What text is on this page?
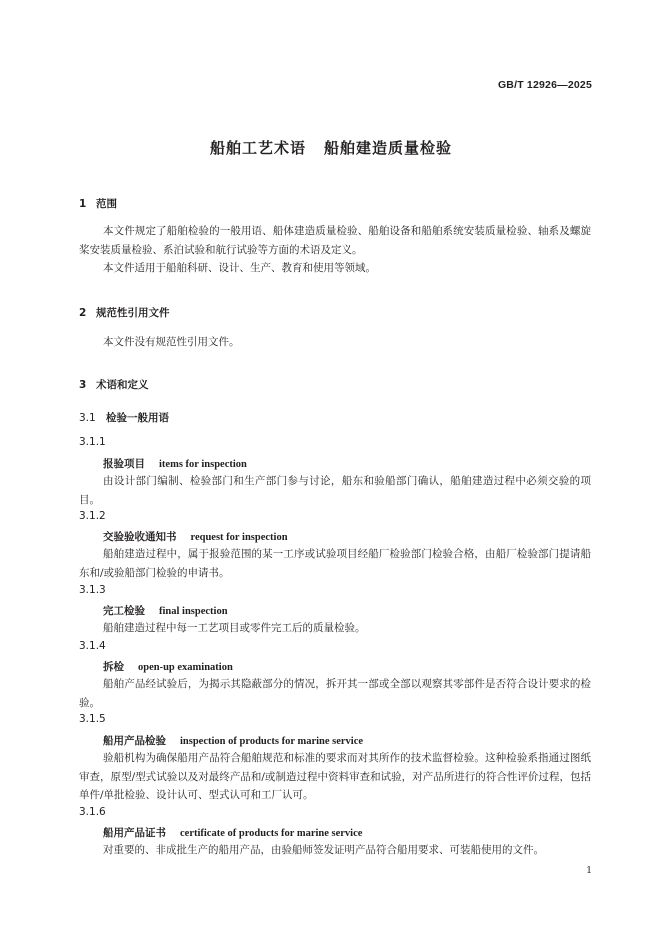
GB/T 12926—2025
船舶工艺术语 船舶建造质量检验
1 范围

本文件规定了船舶检验的一般用语、船体建造质量检验、船舶设备和船舶系统安装质量检验、轴系及螺旋桨安装质量检验、系泊试验和航行试验等方面的术语及定义。

本文件适用于船舶科研、设计、生产、教育和使用等领域。

2 规范性引用文件

本文件没有规范性引用文件。

3 术语和定义
3.1 检验一般用语
3.1.1
报验项目 items for inspection

由设计部门编制、检验部门和生产部门参与讨论，船东和验船部门确认，船舶建造过程中必须交验的项目。

3.1.2
交验验收通知书 request for inspection

船舶建造过程中，属于报验范围的某一工序或试验项目经船厂检验部门检验合格，由船厂检验部门提请船东和/或验船部门检验的申请书。

3.1.3
完工检验 final inspection

船舶建造过程中每一工艺项目或零件完工后的质量检验。

3.1.4
拆检 open-up examination

船舶产品经试验后，为揭示其隐蔽部分的情况，拆开其一部或全部以观察其零部件是否符合设计要求的检验。

3.1.5
船用产品检验 inspection of products for marine service

验船机构为确保船用产品符合船舶规范和标准的要求而对其所作的技术监督检验。这种检验系指通过图纸审查，原型/型式试验以及对最终产品和/或制造过程中资料审查和试验，对产品所进行的符合性评价过程，包括单件/单批检验、设计认可、型式认可和工厂认可。

3.1.6
船用产品证书 certificate of products for marine service

对重要的、非成批生产的船用产品，由验船师签发证明产品符合船用要求、可装船使用的文件。

1
